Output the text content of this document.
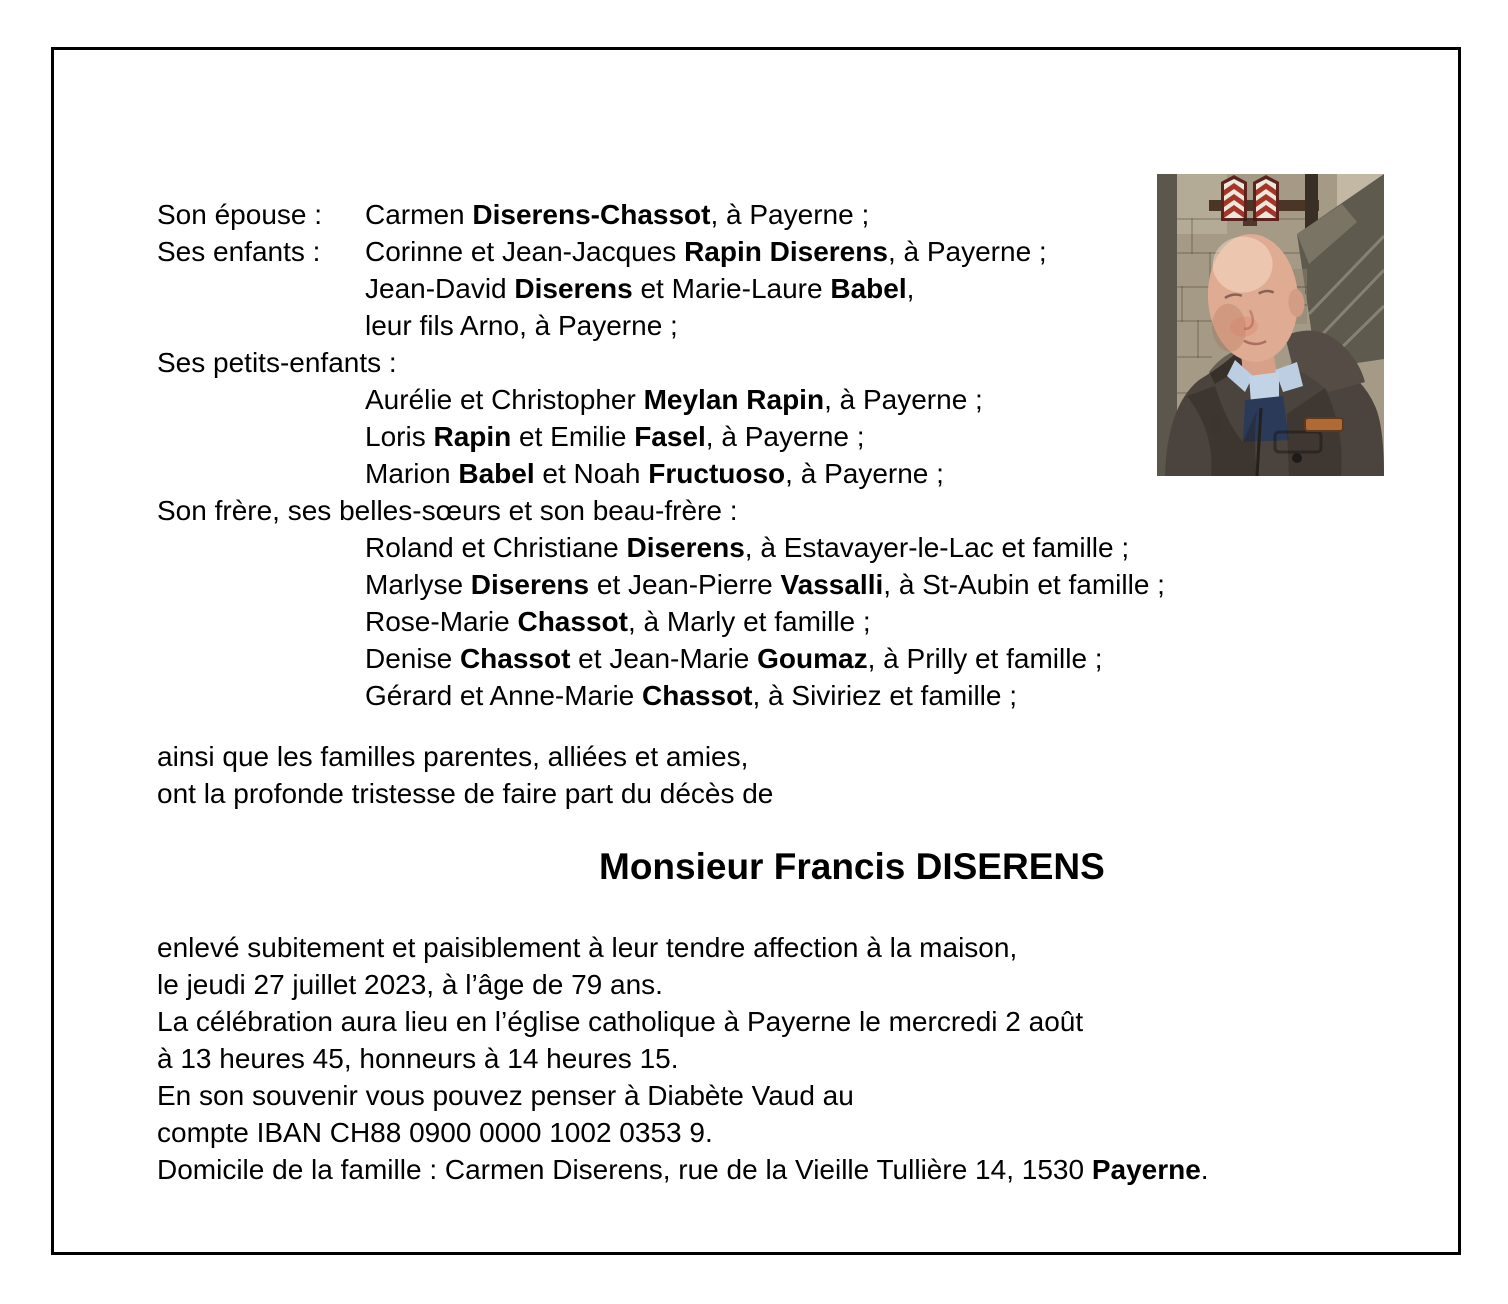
Son épouse :	Carmen Diserens-Chassot, à Payerne ;
Ses enfants :	Corinne et Jean-Jacques Rapin Diserens, à Payerne ;
Jean-David Diserens et Marie-Laure Babel,
leur fils Arno, à Payerne ;
Ses petits-enfants :
Aurélie et Christopher Meylan Rapin, à Payerne ;
Loris Rapin et Emilie Fasel, à Payerne ;
Marion Babel et Noah Fructuoso, à Payerne ;
Son frère, ses belles-sœurs et son beau-frère :
Roland et Christiane Diserens, à Estavayer-le-Lac et famille ;
Marlyse Diserens et Jean-Pierre Vassalli, à St-Aubin et famille ;
Rose-Marie Chassot, à Marly et famille ;
Denise Chassot et Jean-Marie Goumaz, à Prilly et famille ;
Gérard et Anne-Marie Chassot, à Siviriez et famille ;
ainsi que les familles parentes, alliées et amies,
ont la profonde tristesse de faire part du décès de
Monsieur Francis DISERENS
enlevé subitement et paisiblement à leur tendre affection à la maison,
le jeudi 27 juillet 2023, à l’âge de 79 ans.
La célébration aura lieu en l’église catholique à Payerne le mercredi 2 août
à 13 heures 45, honneurs à 14 heures 15.
En son souvenir vous pouvez penser à Diabète Vaud au
compte IBAN CH88 0900 0000 1002 0353 9.
Domicile de la famille : Carmen Diserens, rue de la Vieille Tullière 14, 1530 Payerne.
